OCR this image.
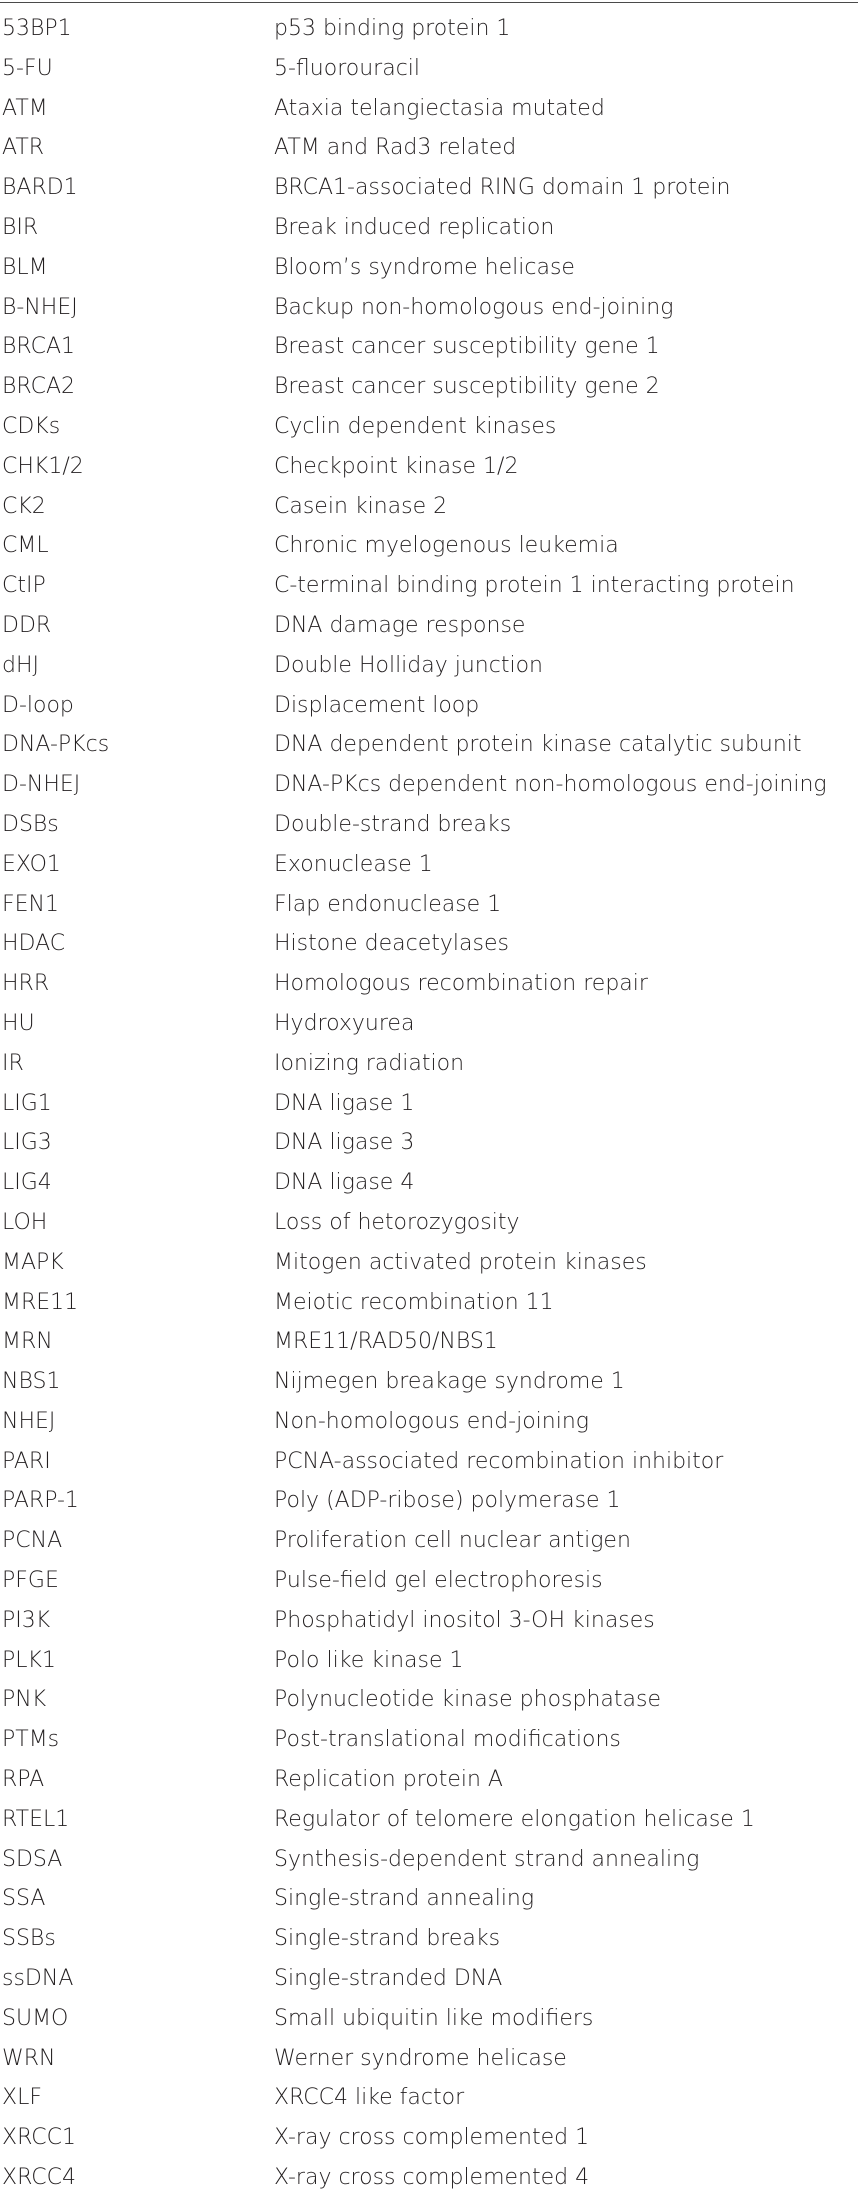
53BP1	p53 binding protein 1
5-FU	5-fluorouracil
ATM	Ataxia telangiectasia mutated
ATR	ATM and Rad3 related
BARD1	BRCA1-associated RING domain 1 protein
BIR	Break induced replication
BLM	Bloom’s syndrome helicase
B-NHEJ	Backup non-homologous end-joining
BRCA1	Breast cancer susceptibility gene 1
BRCA2	Breast cancer susceptibility gene 2
CDKs	Cyclin dependent kinases
CHK1/2	Checkpoint kinase 1/2
CK2	Casein kinase 2
CML	Chronic myelogenous leukemia
CtIP	C-terminal binding protein 1 interacting protein
DDR	DNA damage response
dHJ	Double Holliday junction
D-loop	Displacement loop
DNA-PKcs	DNA dependent protein kinase catalytic subunit
D-NHEJ	DNA-PKcs dependent non-homologous end-joining
DSBs	Double-strand breaks
EXO1	Exonuclease 1
FEN1	Flap endonuclease 1
HDAC	Histone deacetylases
HRR	Homologous recombination repair
HU	Hydroxyurea
IR	Ionizing radiation
LIG1	DNA ligase 1
LIG3	DNA ligase 3
LIG4	DNA ligase 4
LOH	Loss of hetorozygosity
MAPK	Mitogen activated protein kinases
MRE11	Meiotic recombination 11
MRN	MRE11/RAD50/NBS1
NBS1	Nijmegen breakage syndrome 1
NHEJ	Non-homologous end-joining
PARI	PCNA-associated recombination inhibitor
PARP-1	Poly (ADP-ribose) polymerase 1
PCNA	Proliferation cell nuclear antigen
PFGE	Pulse-field gel electrophoresis
PI3K	Phosphatidyl inositol 3-OH kinases
PLK1	Polo like kinase 1
PNK	Polynucleotide kinase phosphatase
PTMs	Post-translational modifications
RPA	Replication protein A
RTEL1	Regulator of telomere elongation helicase 1
SDSA	Synthesis-dependent strand annealing
SSA	Single-strand annealing
SSBs	Single-strand breaks
ssDNA	Single-stranded DNA
SUMO	Small ubiquitin like modifiers
WRN	Werner syndrome helicase
XLF	XRCC4 like factor
XRCC1	X-ray cross complemented 1
XRCC4	X-ray cross complemented 4
